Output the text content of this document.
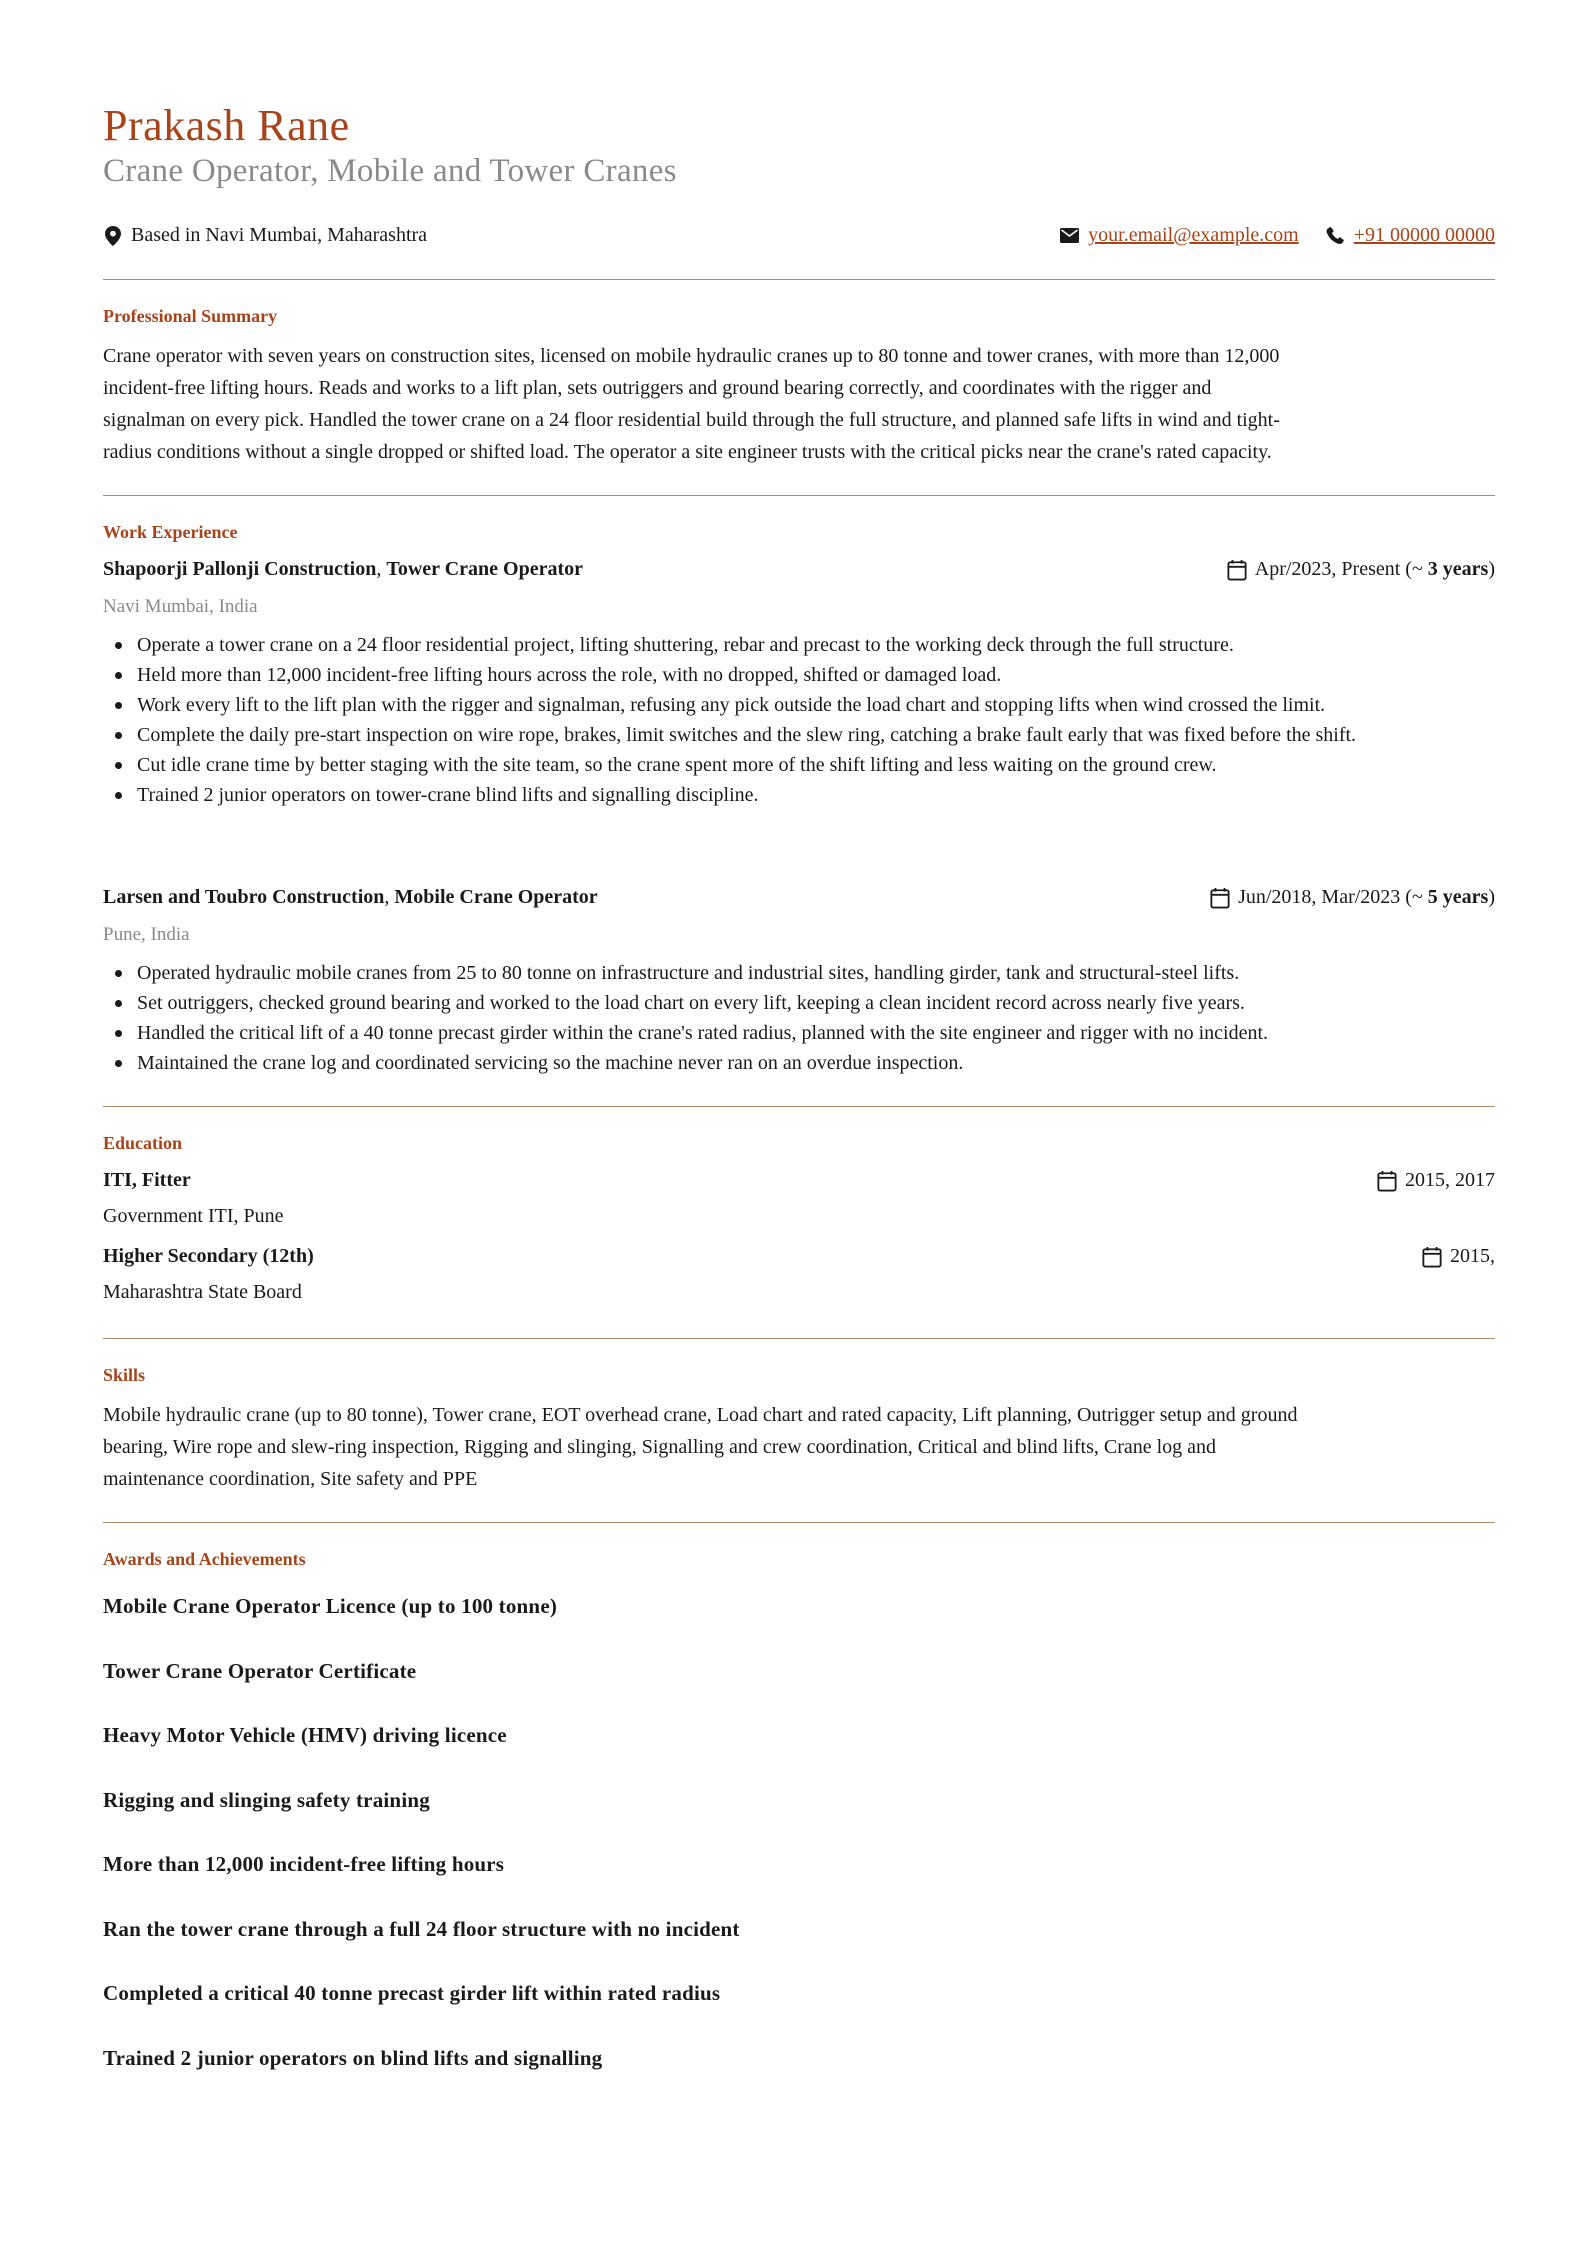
Prakash Rane
Crane Operator, Mobile and Tower Cranes
Based in Navi Mumbai, Maharashtra	your.email@example.com	+91 00000 00000
Professional Summary
Crane operator with seven years on construction sites, licensed on mobile hydraulic cranes up to 80 tonne and tower cranes, with more than 12,000
incident-free lifting hours. Reads and works to a lift plan, sets outriggers and ground bearing correctly, and coordinates with the rigger and
signalman on every pick. Handled the tower crane on a 24 floor residential build through the full structure, and planned safe lifts in wind and tight-
radius conditions without a single dropped or shifted load. The operator a site engineer trusts with the critical picks near the crane's rated capacity.
Work Experience
Shapoorji Pallonji Construction, Tower Crane Operator	Apr/2023, Present (~ 3 years)
Navi Mumbai, India
Operate a tower crane on a 24 floor residential project, lifting shuttering, rebar and precast to the working deck through the full structure.
Held more than 12,000 incident-free lifting hours across the role, with no dropped, shifted or damaged load.
Work every lift to the lift plan with the rigger and signalman, refusing any pick outside the load chart and stopping lifts when wind crossed the limit.
Complete the daily pre-start inspection on wire rope, brakes, limit switches and the slew ring, catching a brake fault early that was fixed before the shift.
Cut idle crane time by better staging with the site team, so the crane spent more of the shift lifting and less waiting on the ground crew.
Trained 2 junior operators on tower-crane blind lifts and signalling discipline.
Larsen and Toubro Construction, Mobile Crane Operator	Jun/2018, Mar/2023 (~ 5 years)
Pune, India
Operated hydraulic mobile cranes from 25 to 80 tonne on infrastructure and industrial sites, handling girder, tank and structural-steel lifts.
Set outriggers, checked ground bearing and worked to the load chart on every lift, keeping a clean incident record across nearly five years.
Handled the critical lift of a 40 tonne precast girder within the crane's rated radius, planned with the site engineer and rigger with no incident.
Maintained the crane log and coordinated servicing so the machine never ran on an overdue inspection.
Education
ITI, Fitter	2015, 2017
Government ITI, Pune
Higher Secondary (12th)	2015,
Maharashtra State Board
Skills
Mobile hydraulic crane (up to 80 tonne), Tower crane, EOT overhead crane, Load chart and rated capacity, Lift planning, Outrigger setup and ground
bearing, Wire rope and slew-ring inspection, Rigging and slinging, Signalling and crew coordination, Critical and blind lifts, Crane log and
maintenance coordination, Site safety and PPE
Awards and Achievements
Mobile Crane Operator Licence (up to 100 tonne)
Tower Crane Operator Certificate
Heavy Motor Vehicle (HMV) driving licence
Rigging and slinging safety training
More than 12,000 incident-free lifting hours
Ran the tower crane through a full 24 floor structure with no incident
Completed a critical 40 tonne precast girder lift within rated radius
Trained 2 junior operators on blind lifts and signalling
